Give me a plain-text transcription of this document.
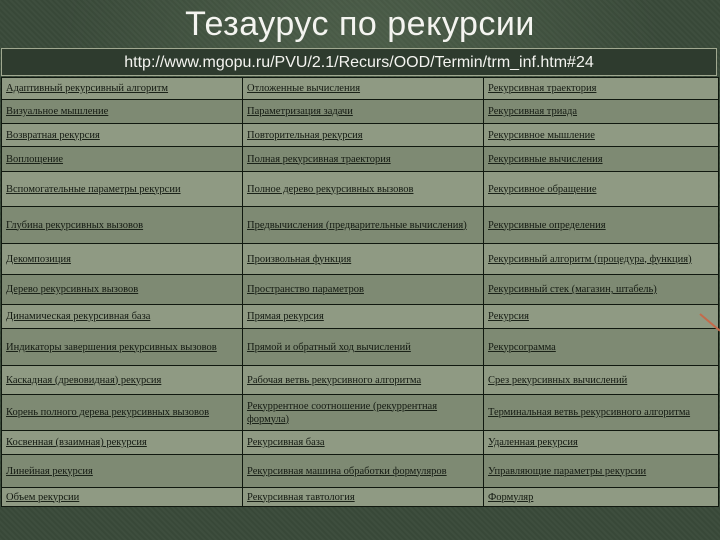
Тезаурус по рекурсии
http://www.mgopu.ru/PVU/2.1/Recurs/OOD/Termin/trm_inf.htm#24
Адаптивный рекурсивный алгоритм	Отложенные вычисления	Рекурсивная траектория
Визуальное мышление	Параметризация задачи	Рекурсивная триада
Возвратная рекурсия	Повторительная рекурсия	Рекурсивное мышление
Воплощение	Полная рекурсивная траектория	Рекурсивные вычисления
Вспомогательные параметры рекурсии	Полное дерево рекурсивных вызовов	Рекурсивное обращение
Глубина рекурсивных вызовов	Предвычисления (предварительные вычисления)	Рекурсивные определения
Декомпозиция	Произвольная функция	Рекурсивный алгоритм (процедура, функция)
Дерево рекурсивных вызовов	Пространство параметров	Рекурсивный стек (магазин, штабель)
Динамическая рекурсивная база	Прямая рекурсия	Рекурсия
Индикаторы завершения рекурсивных вызовов	Прямой и обратный ход вычислений	Рекурсограмма
Каскадная (древовидная) рекурсия	Рабочая ветвь рекурсивного алгоритма	Срез рекурсивных вычислений
Корень полного дерева рекурсивных вызовов	Рекуррентное соотношение (рекуррентная формула)	Терминальная ветвь рекурсивного алгоритма
Косвенная (взаимная) рекурсия	Рекурсивная база	Удаленная рекурсия
Линейная рекурсия	Рекурсивная машина обработки формуляров	Управляющие параметры рекурсии
Объем рекурсии	Рекурсивная тавтология	Формуляр
